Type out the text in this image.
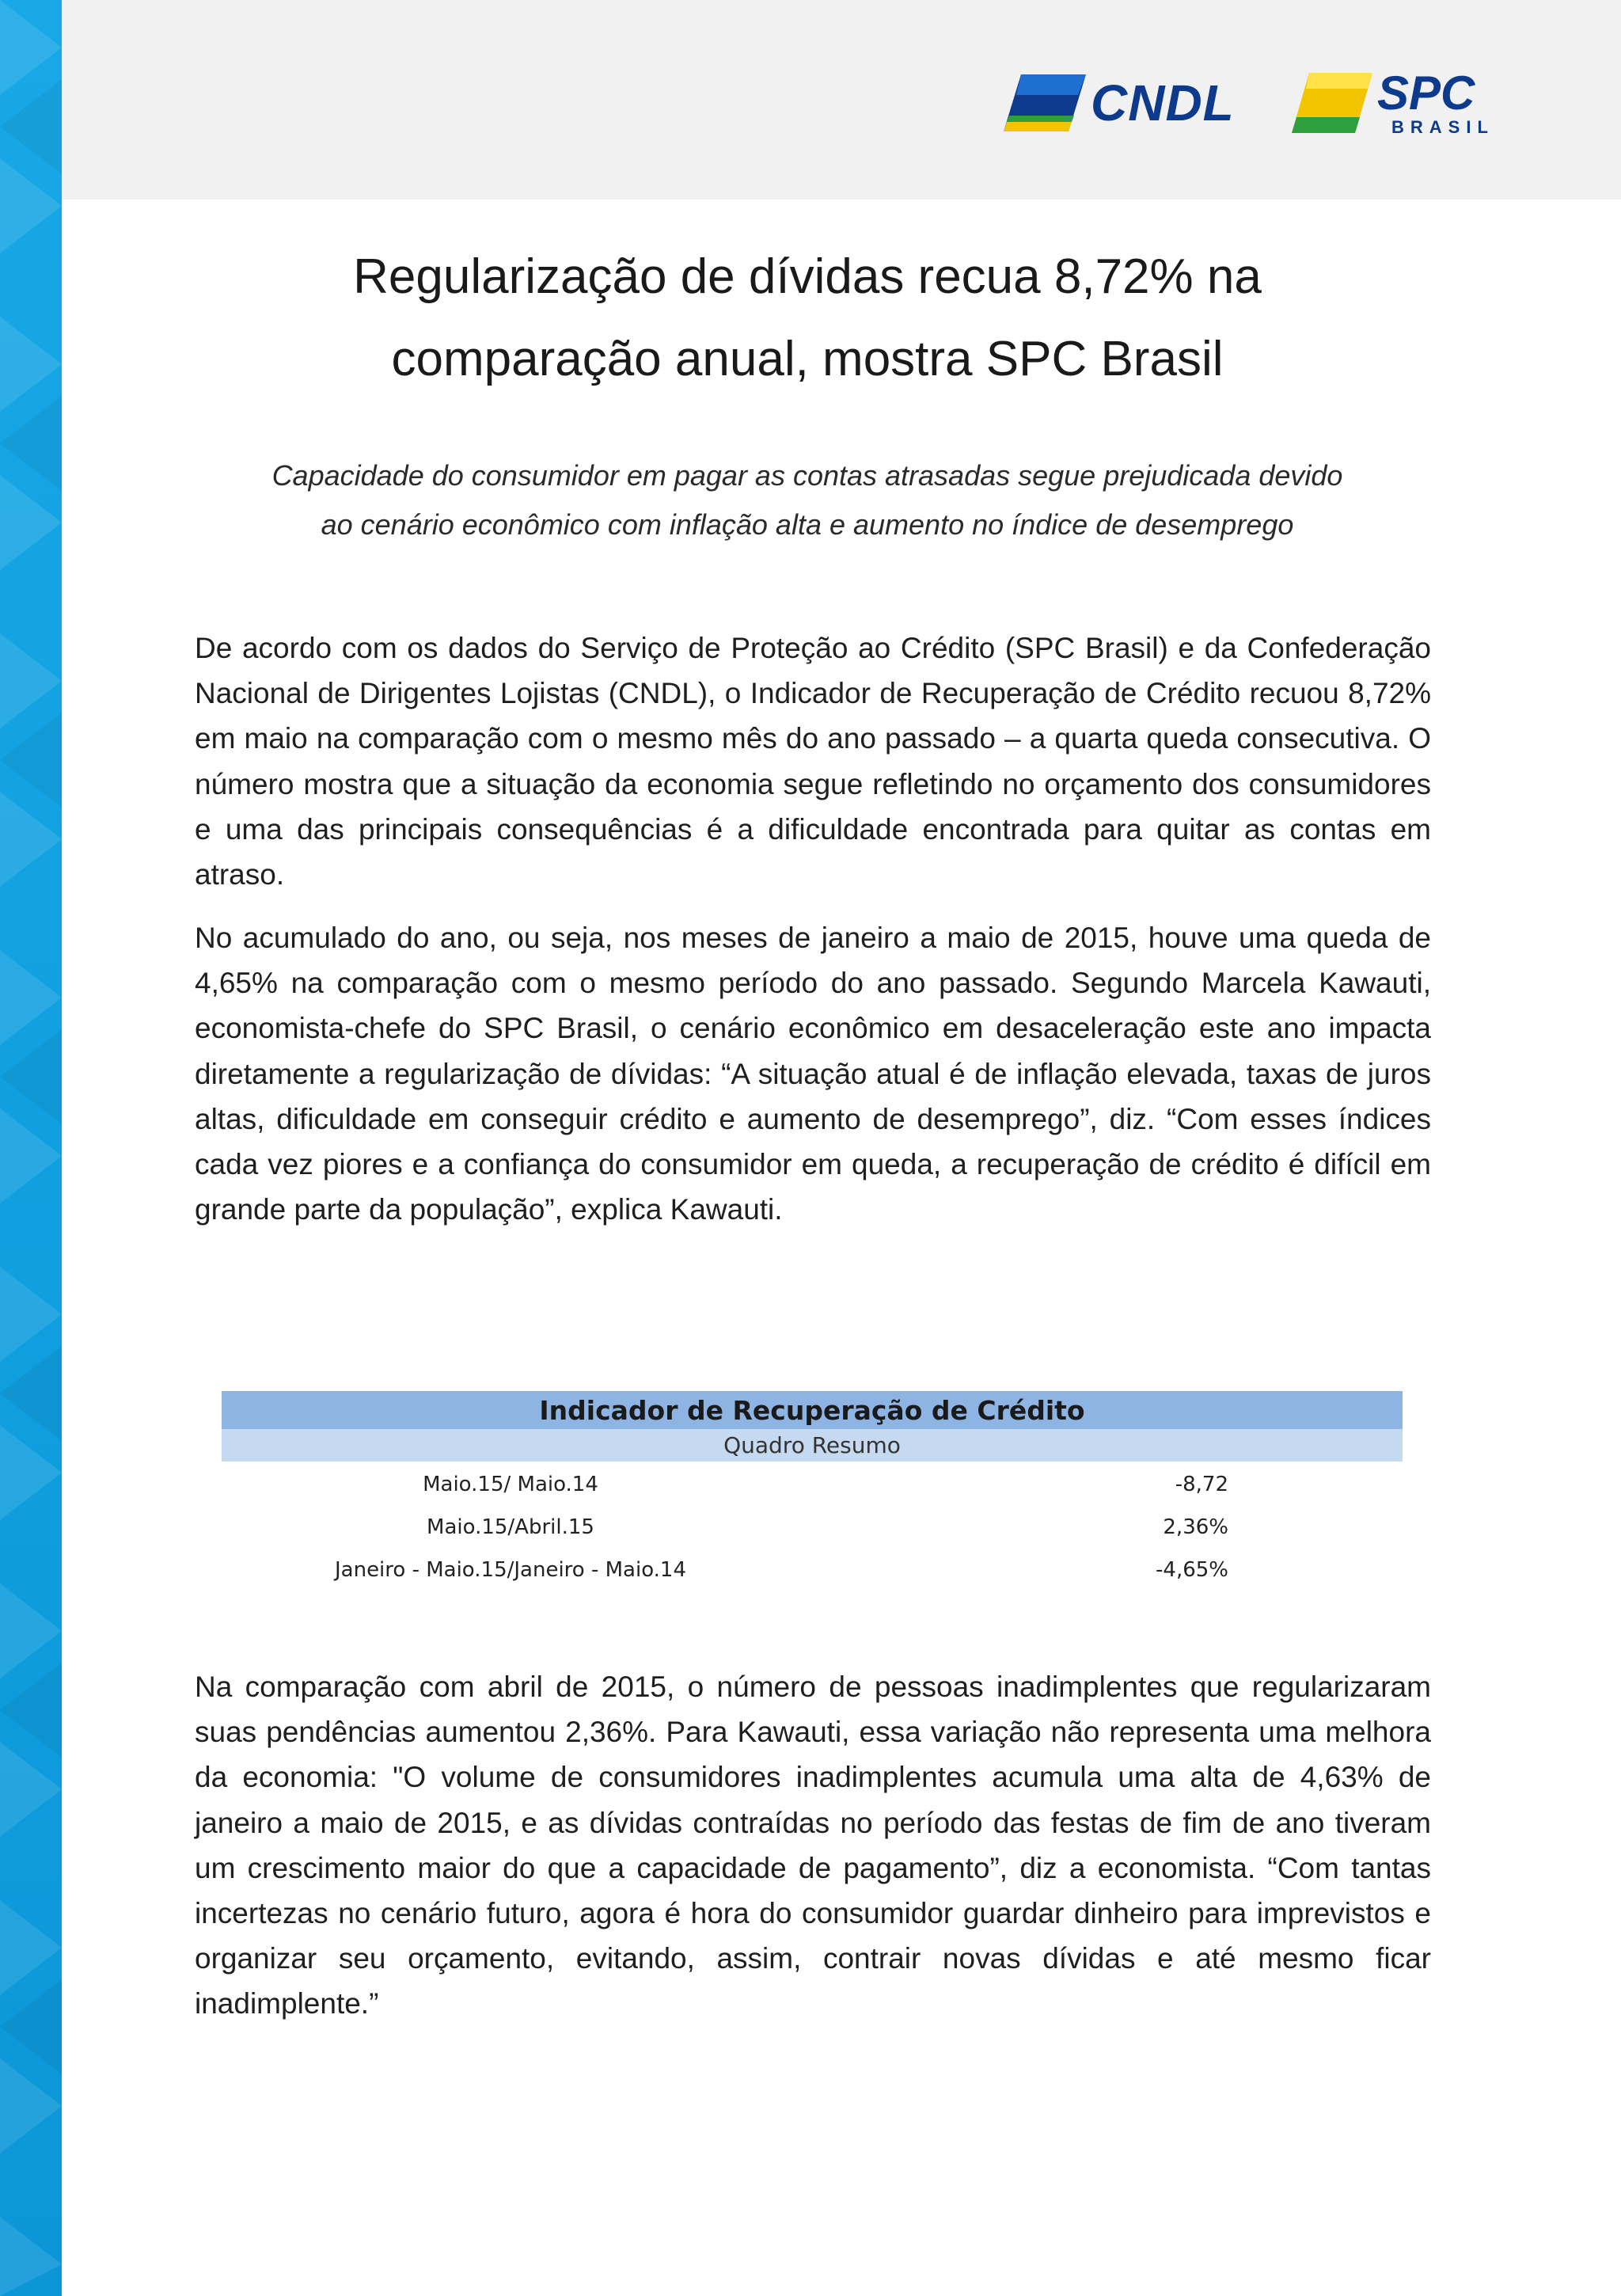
CNDL	SPC
BRASIL
Regularização de dívidas recua 8,72% na
comparação anual, mostra SPC Brasil

Capacidade do consumidor em pagar as contas atrasadas segue prejudicada devido
ao cenário econômico com inflação alta e aumento no índice de desemprego

De acordo com os dados do Serviço de Proteção ao Crédito (SPC Brasil) e da Confederação Nacional de Dirigentes Lojistas (CNDL), o Indicador de Recuperação de Crédito recuou 8,72% em maio na comparação com o mesmo mês do ano passado – a quarta queda consecutiva. O número mostra que a situação da economia segue refletindo no orçamento dos consumidores e uma das principais consequências é a dificuldade encontrada para quitar as contas em atraso.

No acumulado do ano, ou seja, nos meses de janeiro a maio de 2015, houve uma queda de 4,65% na comparação com o mesmo período do ano passado. Segundo Marcela Kawauti, economista-chefe do SPC Brasil, o cenário econômico em desaceleração este ano impacta diretamente a regularização de dívidas: “A situação atual é de inflação elevada, taxas de juros altas, dificuldade em conseguir crédito e aumento de desemprego”, diz. “Com esses índices cada vez piores e a confiança do consumidor em queda, a recuperação de crédito é difícil em grande parte da população”, explica Kawauti.

Indicador de Recuperação de Crédito
Quadro Resumo
Maio.15/ Maio.14	-8,72
Maio.15/Abril.15	2,36%
Janeiro - Maio.15/Janeiro - Maio.14	-4,65%

Na comparação com abril de 2015, o número de pessoas inadimplentes que regularizaram suas pendências aumentou 2,36%. Para Kawauti, essa variação não representa uma melhora da economia: "O volume de consumidores inadimplentes acumula uma alta de 4,63% de janeiro a maio de 2015, e as dívidas contraídas no período das festas de fim de ano tiveram um crescimento maior do que a capacidade de pagamento”, diz a economista. “Com tantas incertezas no cenário futuro, agora é hora do consumidor guardar dinheiro para imprevistos e organizar seu orçamento, evitando, assim, contrair novas dívidas e até mesmo ficar inadimplente.”
